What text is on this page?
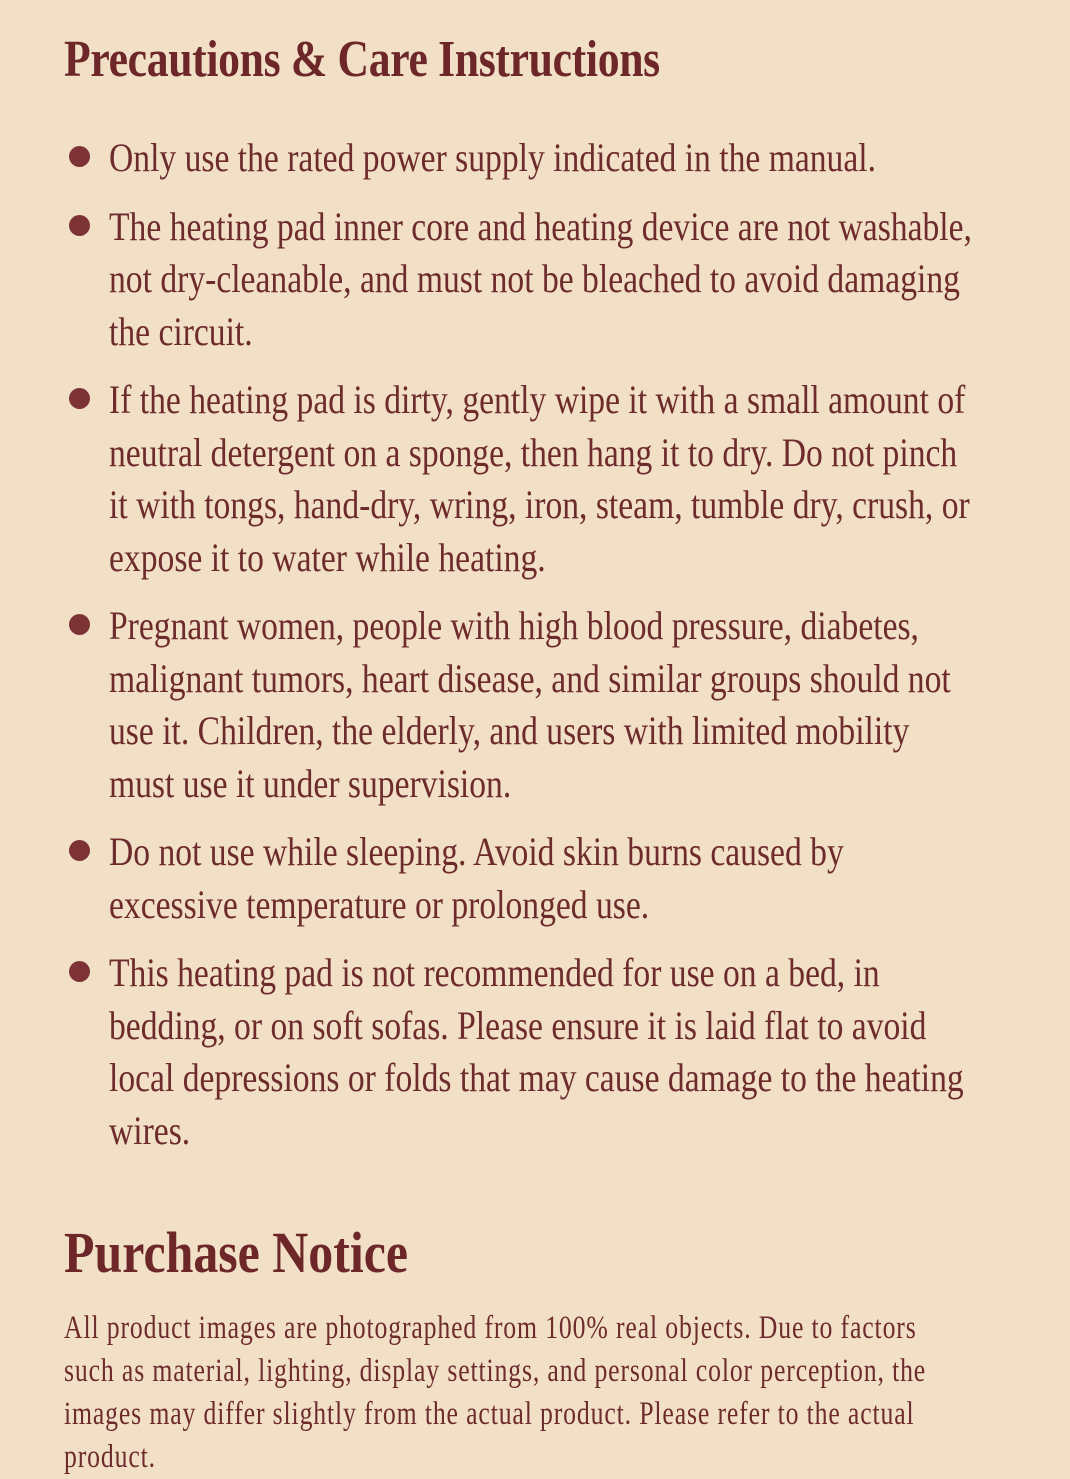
Precautions & Care Instructions
Only use the rated power supply indicated in the manual.
The heating pad inner core and heating device are not washable, not dry-cleanable, and must not be bleached to avoid damaging the circuit.
If the heating pad is dirty, gently wipe it with a small amount of neutral detergent on a sponge, then hang it to dry. Do not pinch it with tongs, hand-dry, wring, iron, steam, tumble dry, crush, or expose it to water while heating.
Pregnant women, people with high blood pressure, diabetes, malignant tumors, heart disease, and similar groups should not use it. Children, the elderly, and users with limited mobility must use it under supervision.
Do not use while sleeping. Avoid skin burns caused by excessive temperature or prolonged use.
This heating pad is not recommended for use on a bed, in bedding, or on soft sofas. Please ensure it is laid flat to avoid local depressions or folds that may cause damage to the heating wires.
Purchase Notice
All product images are photographed from 100% real objects. Due to factors such as material, lighting, display settings, and personal color perception, the images may differ slightly from the actual product. Please refer to the actual product.
